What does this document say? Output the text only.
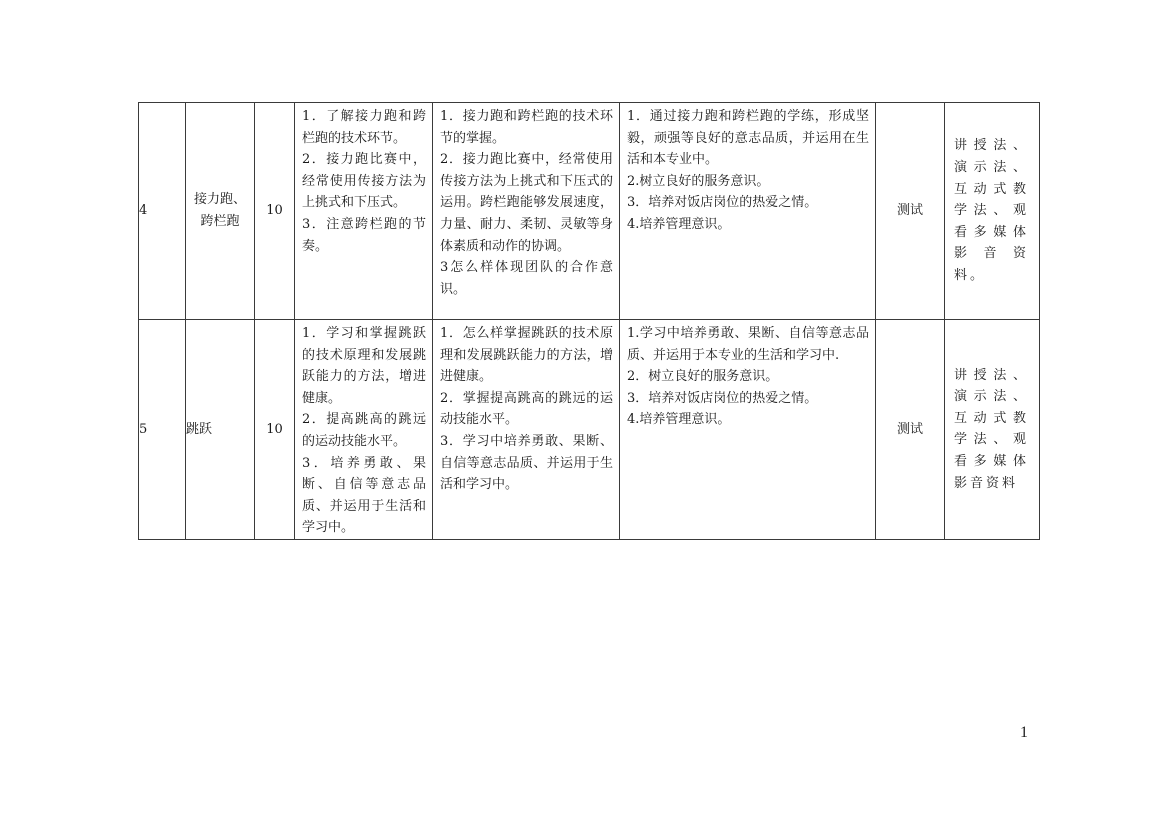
4	接力跑、
跨栏跑	10	1．了解接力跑和跨栏跑的技术环节。
2．接力跑比赛中，经常使用传接方法为上挑式和下压式。
3．注意跨栏跑的节奏。	1．接力跑和跨栏跑的技术环节的掌握。
2．接力跑比赛中，经常使用传接方法为上挑式和下压式的运用。跨栏跑能够发展速度，力量、耐力、柔韧、灵敏等身体素质和动作的协调。
3怎么样体现团队的合作意识。	1．通过接力跑和跨栏跑的学练，形成坚毅，顽强等良好的意志品质，并运用在生活和本专业中。
2.树立良好的服务意识。
3．培养对饭店岗位的热爱之情。
4.培养管理意识。	测试	讲授法、演示法、互动式教学法、观看多媒体影音资料。

5	跳跃	10	1．学习和掌握跳跃的技术原理和发展跳跃能力的方法，增进健康。
2．提高跳高的跳远的运动技能水平。
3．培养勇敢、果断、自信等意志品质、并运用于生活和学习中。	1．怎么样掌握跳跃的技术原理和发展跳跃能力的方法，增进健康。
2．掌握提高跳高的跳远的运动技能水平。
3．学习中培养勇敢、果断、自信等意志品质、并运用于生活和学习中。	1.学习中培养勇敢、果断、自信等意志品质、并运用于本专业的生活和学习中.
2．树立良好的服务意识。
3．培养对饭店岗位的热爱之情。
4.培养管理意识。	测试	讲授法、演示法、互动式教学法、观看多媒体影音资料
1
